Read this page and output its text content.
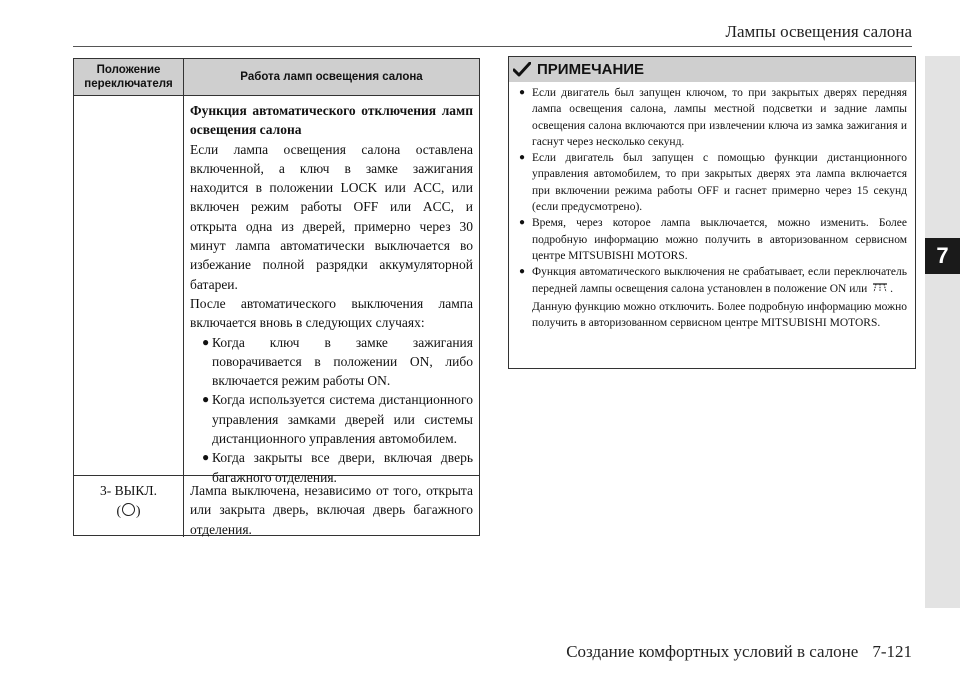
Лампы освещения салона
7
Положение
переключателя
Работа ламп освещения салона
Функция автоматического отключения ламп освещения салона
Если лампа освещения салона оставлена включенной, а ключ в замке зажигания находится в положении LOCK или ACC, или включен режим работы OFF или ACC, и открыта одна из дверей, примерно через 30 минут лампа автоматически выключается во избежание полной разрядки аккумуляторной батареи.
После автоматического выключения лампа включается вновь в следующих случаях:
● Когда ключ в замке зажигания поворачивается в положении ON, либо включается режим работы ON.
● Когда используется система дистанционного управления замками дверей или системы дистанционного управления автомобилем.
● Когда закрыты все двери, включая дверь багажного отделения.
3- ВЫКЛ.
( )
Лампа выключена, независимо от того, открыта или закрыта дверь, включая дверь багажного отделения.
ПРИМЕЧАНИЕ
● Если двигатель был запущен ключом, то при закрытых дверях передняя лампа освещения салона, лампы местной подсветки и задние лампы освещения салона включаются при извлечении ключа из замка зажигания и гаснут через несколько секунд.
● Если двигатель был запущен с помощью функции дистанционного управления автомобилем, то при закрытых дверях эта лампа включается при включении режима работы OFF и гаснет примерно через 15 секунд (если предусмотрено).
● Время, через которое лампа выключается, можно изменить. Более подробную информацию можно получить в авторизованном сервисном центре MITSUBISHI MOTORS.
● Функция автоматического выключения не срабатывает, если переключатель передней лампы освещения салона установлен в положение ON или .
Данную функцию можно отключить. Более подробную информацию можно получить в авторизованном сервисном центре MITSUBISHI MOTORS.
Создание комфортных условий в салоне 7-121
